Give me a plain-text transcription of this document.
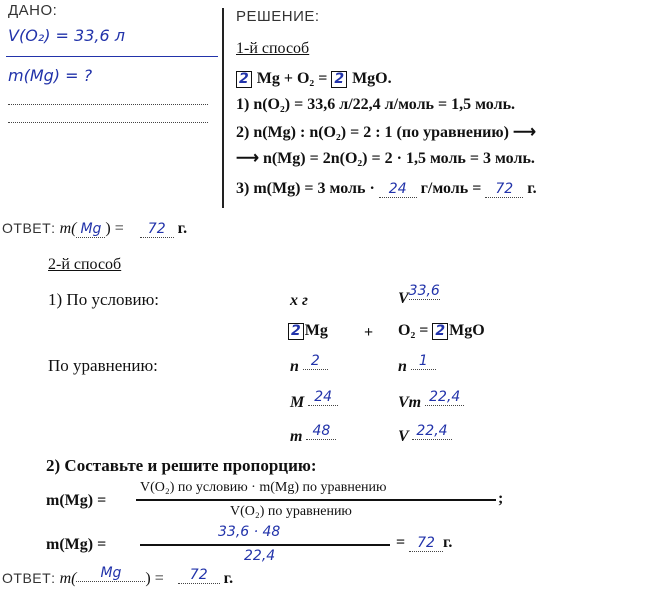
ДАНО:
V(O₂) = 33,6 л
m(Mg) = ?
РЕШЕНИЕ:
1-й способ
2 Mg + O₂ = 2 MgO.
1) n(O₂) = 33,6 л/22,4 л/моль = 1,5 моль.
2) n(Mg) : n(O₂) = 2 : 1 (по уравнению) ⟶
⟶ n(Mg) = 2n(O₂) = 2 · 1,5 моль = 3 моль.
3) m(Mg) = 3 моль · 24 г/моль = 72 г.
ОТВЕТ: m( Mg ) = 72 г.
2-й способ
1) По условию:	x г	V33,6
2 Mg + O₂ = 2 MgO
По уравнению:	n 2	n 1
M 24	Vm 22,4
m 48	V 22,4
2) Составьте и решите пропорцию:
m(Mg) =
V(O₂) по условию · m(Mg) по уравнению
V(O₂) по уравнению
;
m(Mg) =
33,6 · 48
22,4
= 72 г.
ОТВЕТ: m( Mg ) = 72 г.
